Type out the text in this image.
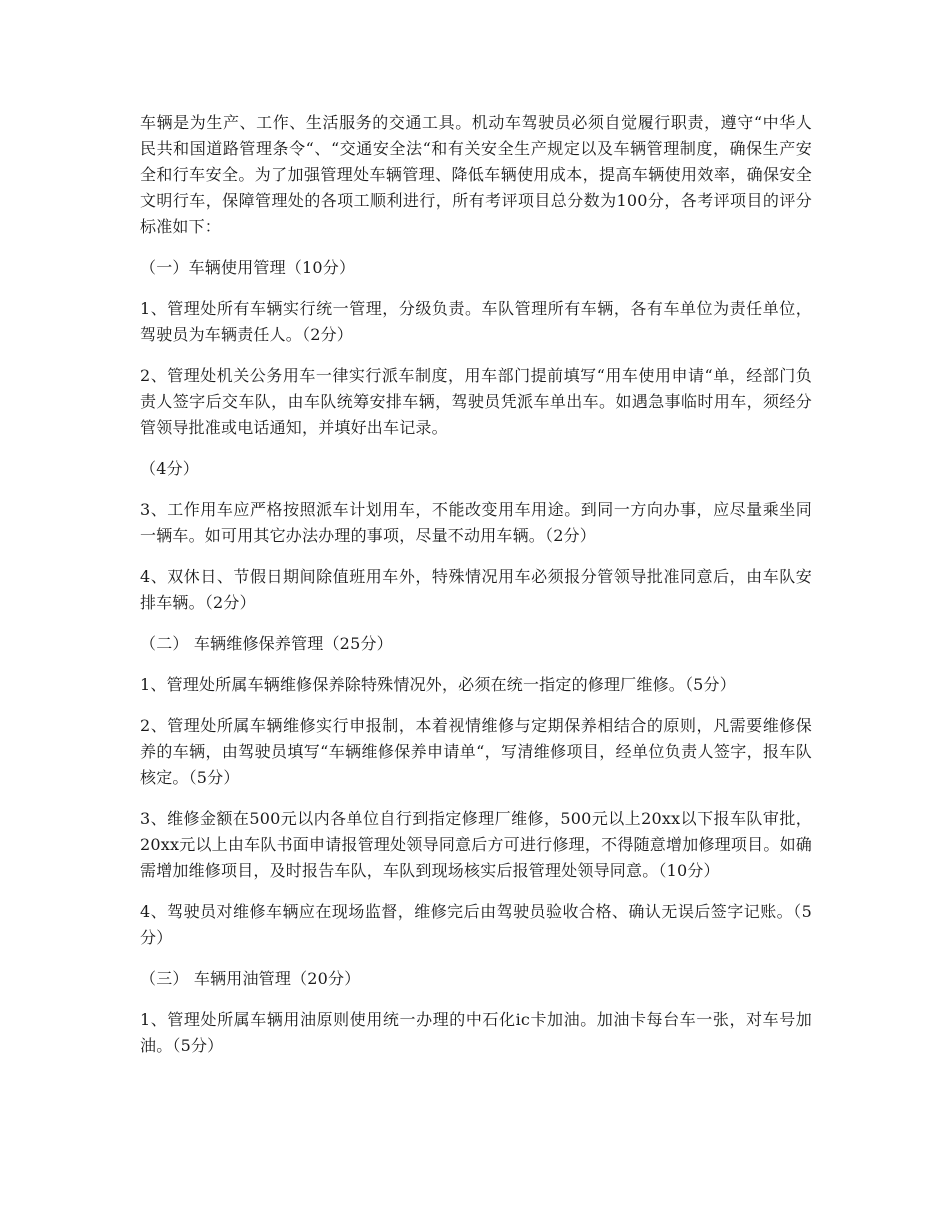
车辆是为生产、工作、生活服务的交通工具。机动车驾驶员必须自觉履行职责，遵守“中华人民共和国道路管理条令“、“交通安全法“和有关安全生产规定以及车辆管理制度，确保生产安全和行车安全。为了加强管理处车辆管理、降低车辆使用成本，提高车辆使用效率，确保安全文明行车，保障管理处的各项工顺利进行，所有考评项目总分数为100分，各考评项目的评分标准如下：

（一）车辆使用管理（10分）

1、管理处所有车辆实行统一管理，分级负责。车队管理所有车辆，各有车单位为责任单位，驾驶员为车辆责任人。（2分）

2、管理处机关公务用车一律实行派车制度，用车部门提前填写“用车使用申请“单，经部门负责人签字后交车队，由车队统筹安排车辆，驾驶员凭派车单出车。如遇急事临时用车，须经分管领导批准或电话通知，并填好出车记录。

（4分）

3、工作用车应严格按照派车计划用车，不能改变用车用途。到同一方向办事，应尽量乘坐同一辆车。如可用其它办法办理的事项，尽量不动用车辆。（2分）

4、双休日、节假日期间除值班用车外，特殊情况用车必须报分管领导批准同意后，由车队安排车辆。（2分）

（二） 车辆维修保养管理（25分）

1、管理处所属车辆维修保养除特殊情况外，必须在统一指定的修理厂维修。（5分）

2、管理处所属车辆维修实行申报制，本着视情维修与定期保养相结合的原则，凡需要维修保养的车辆，由驾驶员填写“车辆维修保养申请单“，写清维修项目，经单位负责人签字，报车队核定。（5分）

3、维修金额在500元以内各单位自行到指定修理厂维修，500元以上20xx以下报车队审批，20xx元以上由车队书面申请报管理处领导同意后方可进行修理，不得随意增加修理项目。如确需增加维修项目，及时报告车队，车队到现场核实后报管理处领导同意。（10分）

4、驾驶员对维修车辆应在现场监督，维修完后由驾驶员验收合格、确认无误后签字记账。（5分）

（三） 车辆用油管理（20分）

1、管理处所属车辆用油原则使用统一办理的中石化ic卡加油。加油卡每台车一张，对车号加油。（5分）
